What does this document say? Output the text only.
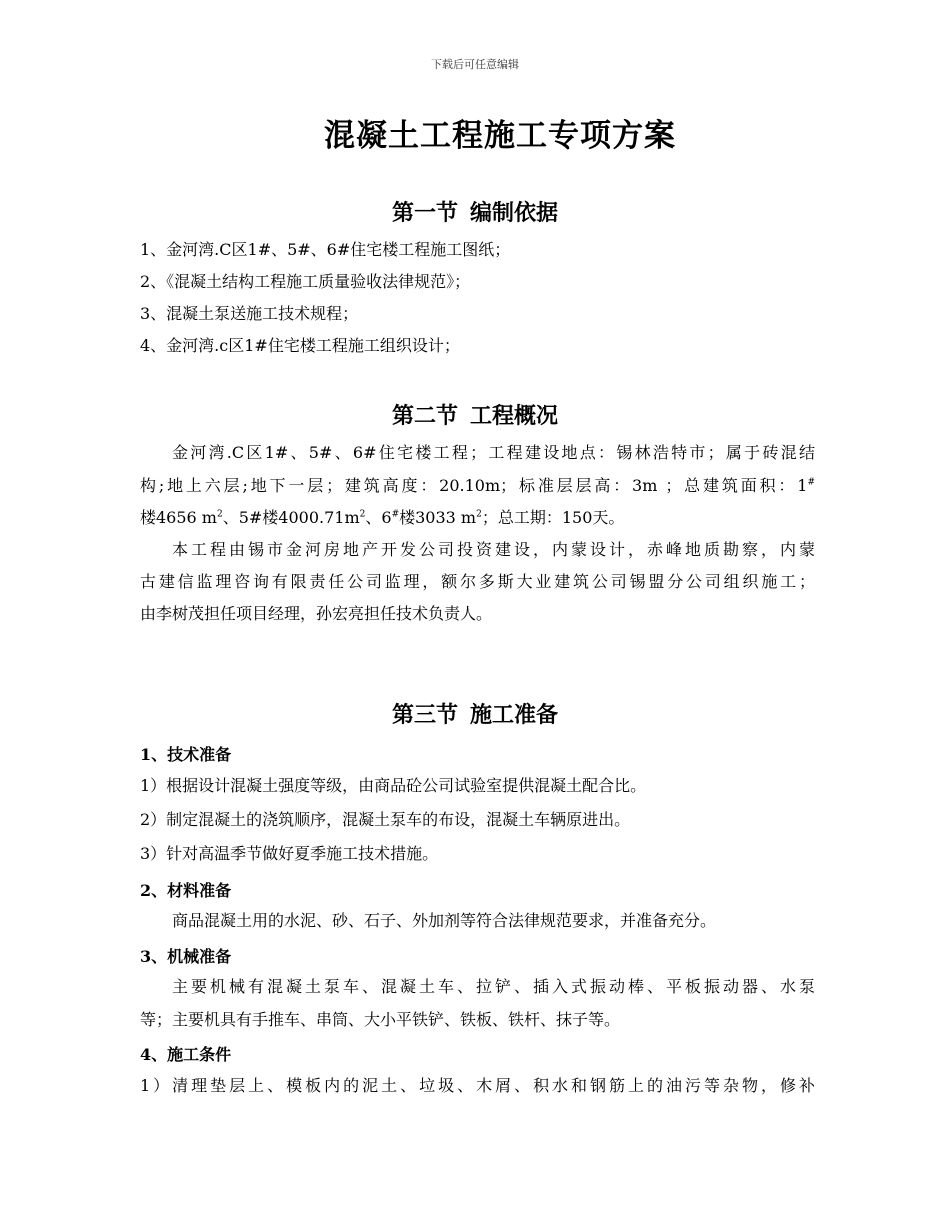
下载后可任意编辑
混凝土工程施工专项方案
第一节 编制依据
1、金河湾.C区1#、5#、6#住宅楼工程施工图纸；
2、《混凝土结构工程施工质量验收法律规范》；
3、混凝土泵送施工技术规程；
4、金河湾.c区1#住宅楼工程施工组织设计；
第二节 工程概况
金河湾.C区1#、5#、6#住宅楼工程；工程建设地点：锡林浩特市；属于砖混结
构;地上六层;地下一层；建筑高度：20.10m；标准层层高：3m ；总建筑面积：1#
楼4656 $m^2$、5#楼$4000.71m^2$、6#楼3033 $m^2$；总工期：150天。
本工程由锡市金河房地产开发公司投资建设，内蒙设计，赤峰地质勘察，内蒙
古建信监理咨询有限责任公司监理，额尔多斯大业建筑公司锡盟分公司组织施工；
由李树茂担任项目经理，孙宏亮担任技术负责人。
第三节 施工准备
1、技术准备
1）根据设计混凝土强度等级，由商品砼公司试验室提供混凝土配合比。
2）制定混凝土的浇筑顺序，混凝土泵车的布设，混凝土车辆原进出。
3）针对高温季节做好夏季施工技术措施。
2、材料准备
商品混凝土用的水泥、砂、石子、外加剂等符合法律规范要求，并准备充分。
3、机械准备
主要机械有混凝土泵车、混凝土车、拉铲、插入式振动棒、平板振动器、水泵
等；主要机具有手推车、串筒、大小平铁铲、铁板、铁杆、抹子等。
4、施工条件
1）清理垫层上、模板内的泥土、垃圾、木屑、积水和钢筋上的油污等杂物，修补
